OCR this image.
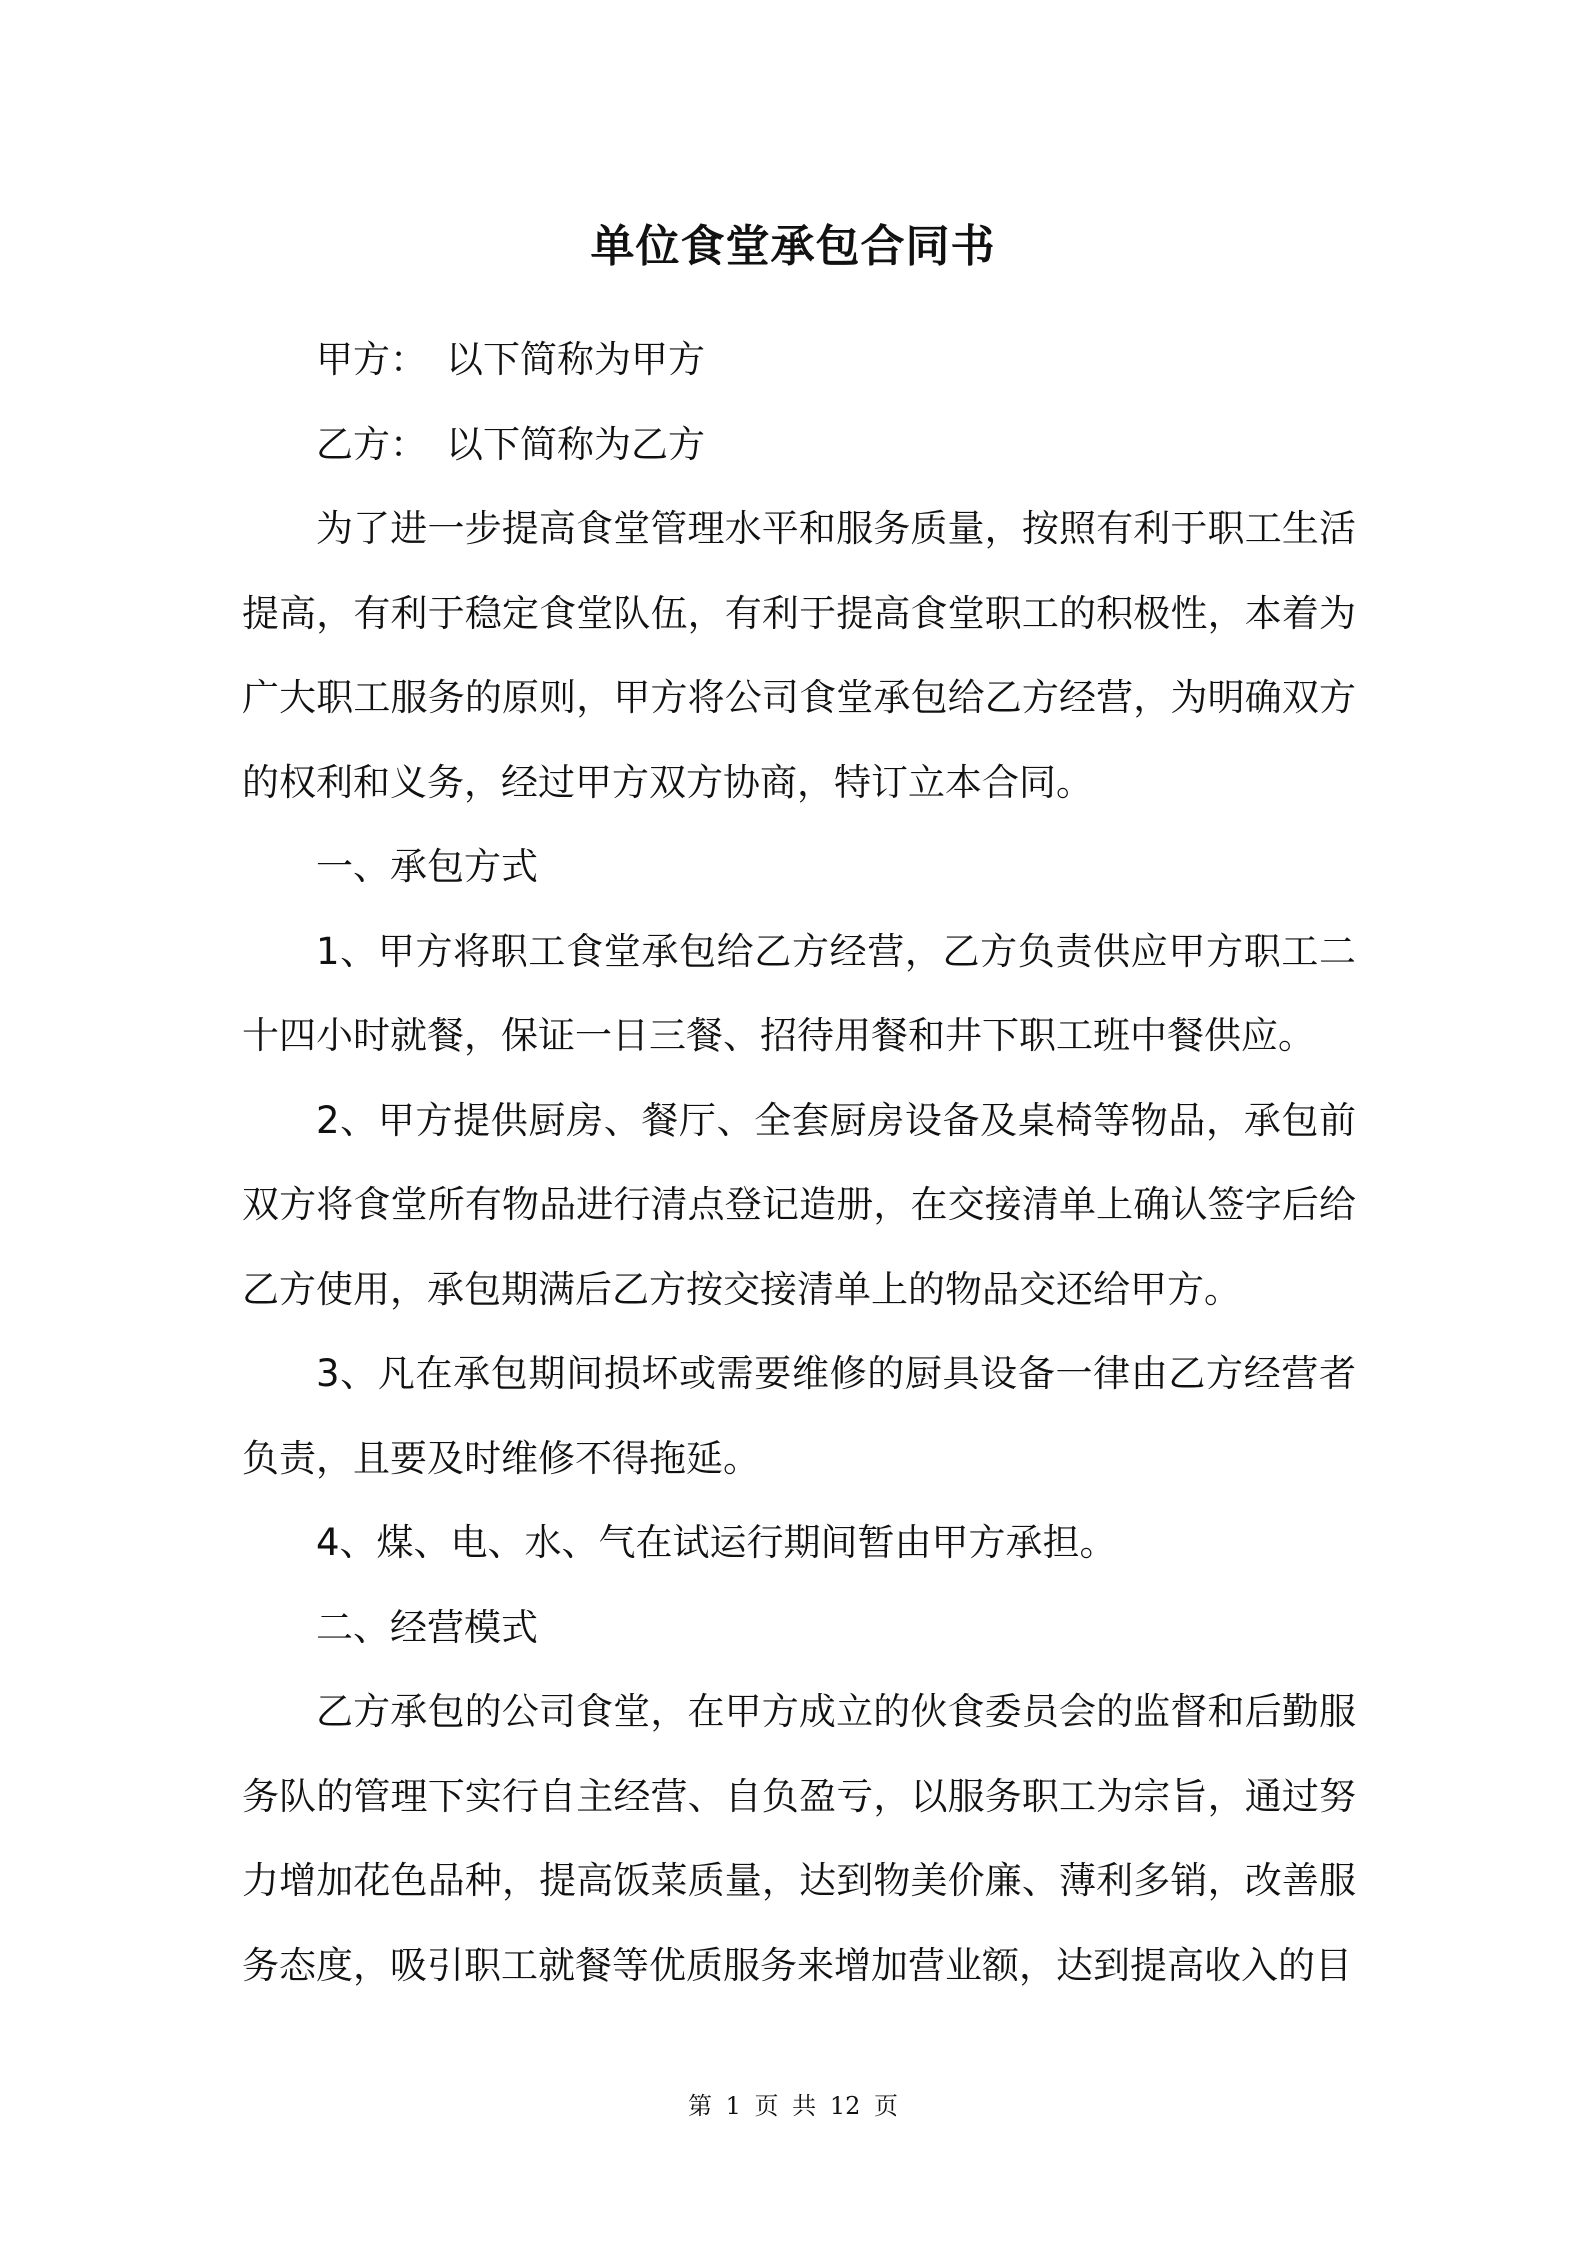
单位食堂承包合同书

甲方： 以下简称为甲方

乙方： 以下简称为乙方

为了进一步提高食堂管理水平和服务质量，按照有利于职工生活提高，有利于稳定食堂队伍，有利于提高食堂职工的积极性，本着为广大职工服务的原则，甲方将公司食堂承包给乙方经营，为明确双方的权利和义务，经过甲方双方协商，特订立本合同。

一、承包方式

1、甲方将职工食堂承包给乙方经营，乙方负责供应甲方职工二十四小时就餐，保证一日三餐、招待用餐和井下职工班中餐供应。

2、甲方提供厨房、餐厅、全套厨房设备及桌椅等物品，承包前双方将食堂所有物品进行清点登记造册，在交接清单上确认签字后给乙方使用，承包期满后乙方按交接清单上的物品交还给甲方。

3、凡在承包期间损坏或需要维修的厨具设备一律由乙方经营者负责，且要及时维修不得拖延。

4、煤、电、水、气在试运行期间暂由甲方承担。

二、经营模式

乙方承包的公司食堂，在甲方成立的伙食委员会的监督和后勤服务队的管理下实行自主经营、自负盈亏，以服务职工为宗旨，通过努力增加花色品种，提高饭菜质量，达到物美价廉、薄利多销，改善服务态度，吸引职工就餐等优质服务来增加营业额，达到提高收入的目

第 1 页 共 12 页
